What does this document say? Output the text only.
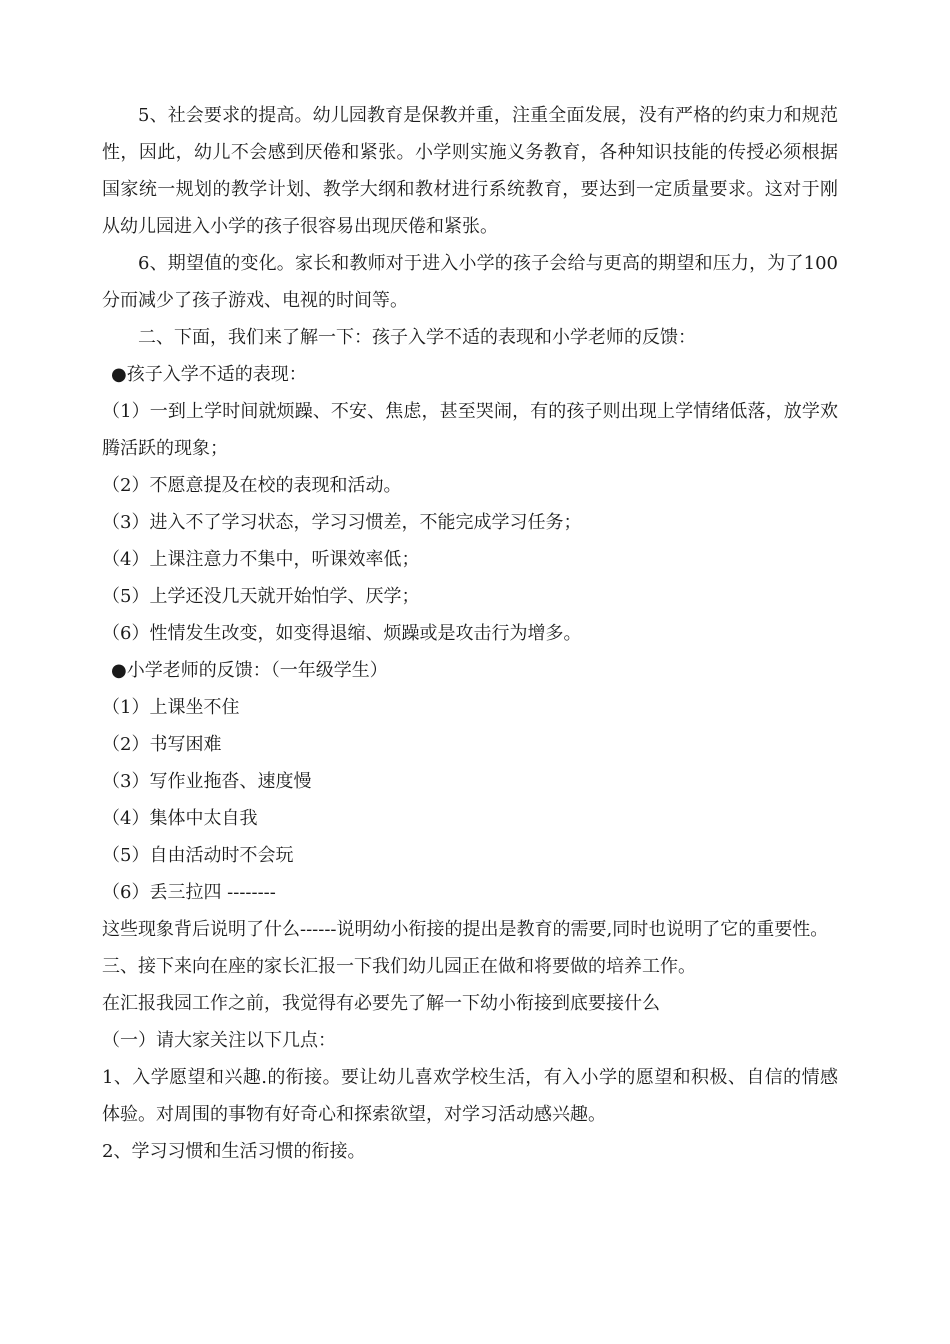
5、社会要求的提高。幼儿园教育是保教并重，注重全面发展，没有严格的约束力和规范性，因此，幼儿不会感到厌倦和紧张。小学则实施义务教育，各种知识技能的传授必须根据国家统一规划的教学计划、教学大纲和教材进行系统教育，要达到一定质量要求。这对于刚从幼儿园进入小学的孩子很容易出现厌倦和紧张。

6、期望值的变化。家长和教师对于进入小学的孩子会给与更高的期望和压力，为了100分而减少了孩子游戏、电视的时间等。

二、下面，我们来了解一下：孩子入学不适的表现和小学老师的反馈：

●孩子入学不适的表现：

（1）一到上学时间就烦躁、不安、焦虑，甚至哭闹，有的孩子则出现上学情绪低落，放学欢腾活跃的现象；

（2）不愿意提及在校的表现和活动。

（3）进入不了学习状态，学习习惯差，不能完成学习任务；

（4）上课注意力不集中，听课效率低；

（5）上学还没几天就开始怕学、厌学；

（6）性情发生改变，如变得退缩、烦躁或是攻击行为增多。

●小学老师的反馈：（一年级学生）

（1）上课坐不住

（2）书写困难

（3）写作业拖沓、速度慢

（4）集体中太自我

（5）自由活动时不会玩

（6）丢三拉四 --------

这些现象背后说明了什么------说明幼小衔接的提出是教育的需要,同时也说明了它的重要性。

三、接下来向在座的家长汇报一下我们幼儿园正在做和将要做的培养工作。

在汇报我园工作之前，我觉得有必要先了解一下幼小衔接到底要接什么

（一）请大家关注以下几点：

1、入学愿望和兴趣.的衔接。要让幼儿喜欢学校生活，有入小学的愿望和积极、自信的情感体验。对周围的事物有好奇心和探索欲望，对学习活动感兴趣。

2、学习习惯和生活习惯的衔接。
